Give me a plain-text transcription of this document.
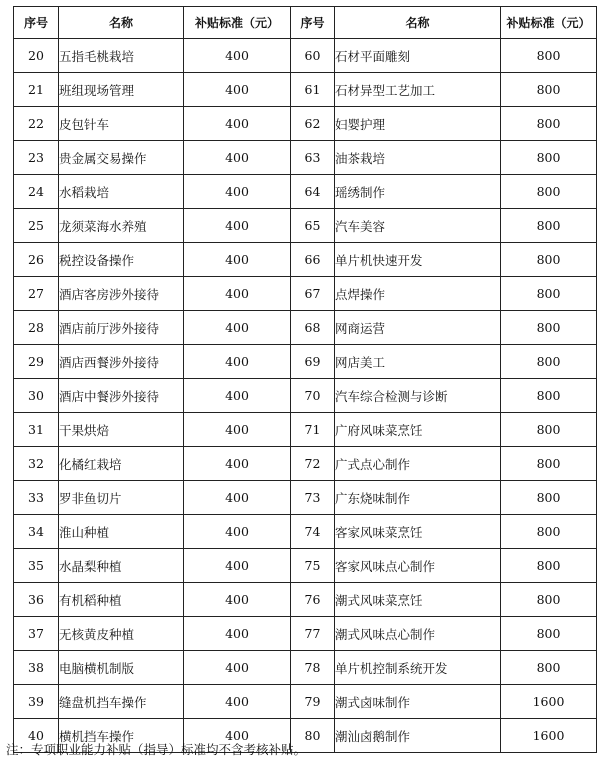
序号	名称	补贴标准（元）	序号	名称	补贴标准（元）
20	五指毛桃栽培	400	60	石材平面雕刻	800
21	班组现场管理	400	61	石材异型工艺加工	800
22	皮包针车	400	62	妇婴护理	800
23	贵金属交易操作	400	63	油茶栽培	800
24	水稻栽培	400	64	瑶绣制作	800
25	龙须菜海水养殖	400	65	汽车美容	800
26	税控设备操作	400	66	单片机快速开发	800
27	酒店客房涉外接待	400	67	点焊操作	800
28	酒店前厅涉外接待	400	68	网商运营	800
29	酒店西餐涉外接待	400	69	网店美工	800
30	酒店中餐涉外接待	400	70	汽车综合检测与诊断	800
31	干果烘焙	400	71	广府风味菜烹饪	800
32	化橘红栽培	400	72	广式点心制作	800
33	罗非鱼切片	400	73	广东烧味制作	800
34	淮山种植	400	74	客家风味菜烹饪	800
35	水晶梨种植	400	75	客家风味点心制作	800
36	有机稻种植	400	76	潮式风味菜烹饪	800
37	无核黄皮种植	400	77	潮式风味点心制作	800
38	电脑横机制版	400	78	单片机控制系统开发	800
39	缝盘机挡车操作	400	79	潮式卤味制作	1600
40	横机挡车操作	400	80	潮汕卤鹅制作	1600
注：专项职业能力补贴（指导）标准均不含考核补贴。
